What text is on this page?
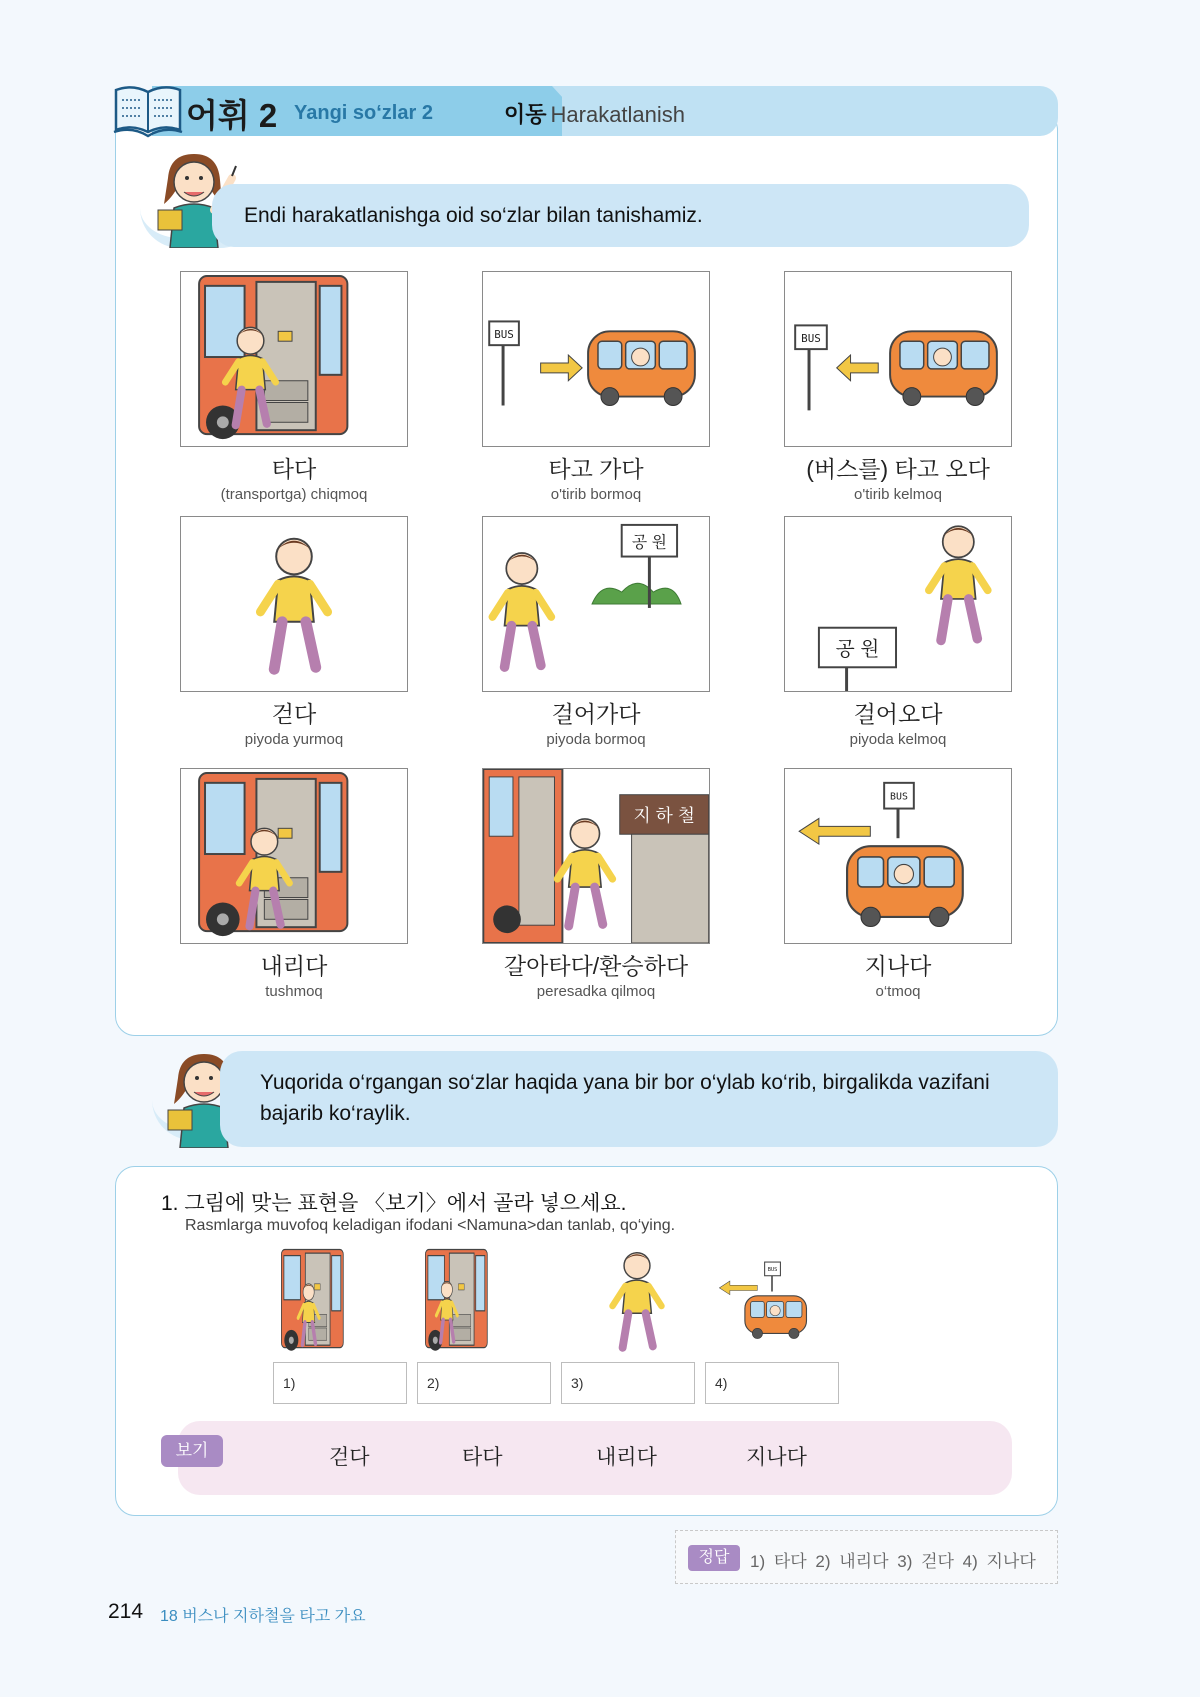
어휘 2 Yangi so‘zlar 2	이동 Harakatlanish
Endi harakatlanishga oid so‘zlar bilan tanishamiz.
타다
(transportga) chiqmoq
BUS
타고 가다
o'tirib bormoq
BUS
(버스를) 타고 오다
o'tirib kelmoq
걷다
piyoda yurmoq
공 원
걸어가다
piyoda bormoq
공 원
걸어오다
piyoda kelmoq
내리다
tushmoq
지 하 철
갈아타다/환승하다
peresadka qilmoq
BUS
지나다
o‘tmoq
Yuqorida o‘rgangan so‘zlar haqida yana bir bor o‘ylab ko‘rib, birgalikda vazifani
bajarib ko‘raylik.
1. 그림에 맞는 표현을 〈보기〉에서 골라 넣으세요.
Rasmlarga muvofoq keladigan ifodani <Namuna>dan tanlab, qo‘ying.
BUS
1)	2)	3)	4)
보기	걷다	타다	내리다	지나다
정답	1) 타다 2) 내리다 3) 걷다 4) 지나다
214 18 버스나 지하철을 타고 가요
